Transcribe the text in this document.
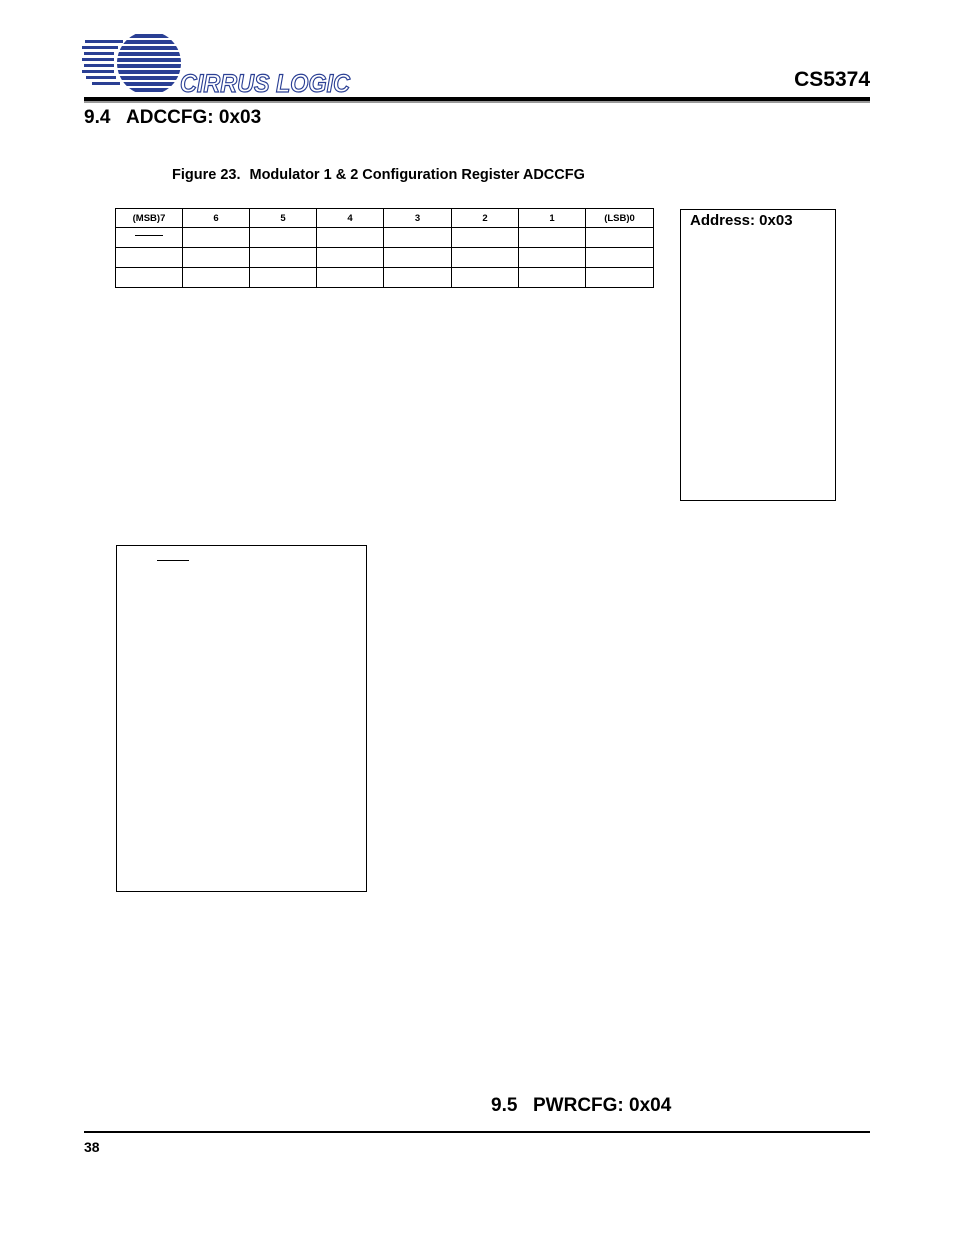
CIRRUS LOGIC	CS5374
9.4 ADCCFG: 0x03
Figure 23. Modulator 1 & 2 Configuration Register ADCCFG
(MSB)7	6	5	4	3	2	1	(LSB)0

								Address: 0x03
9.5 PWRCFG: 0x04
38
